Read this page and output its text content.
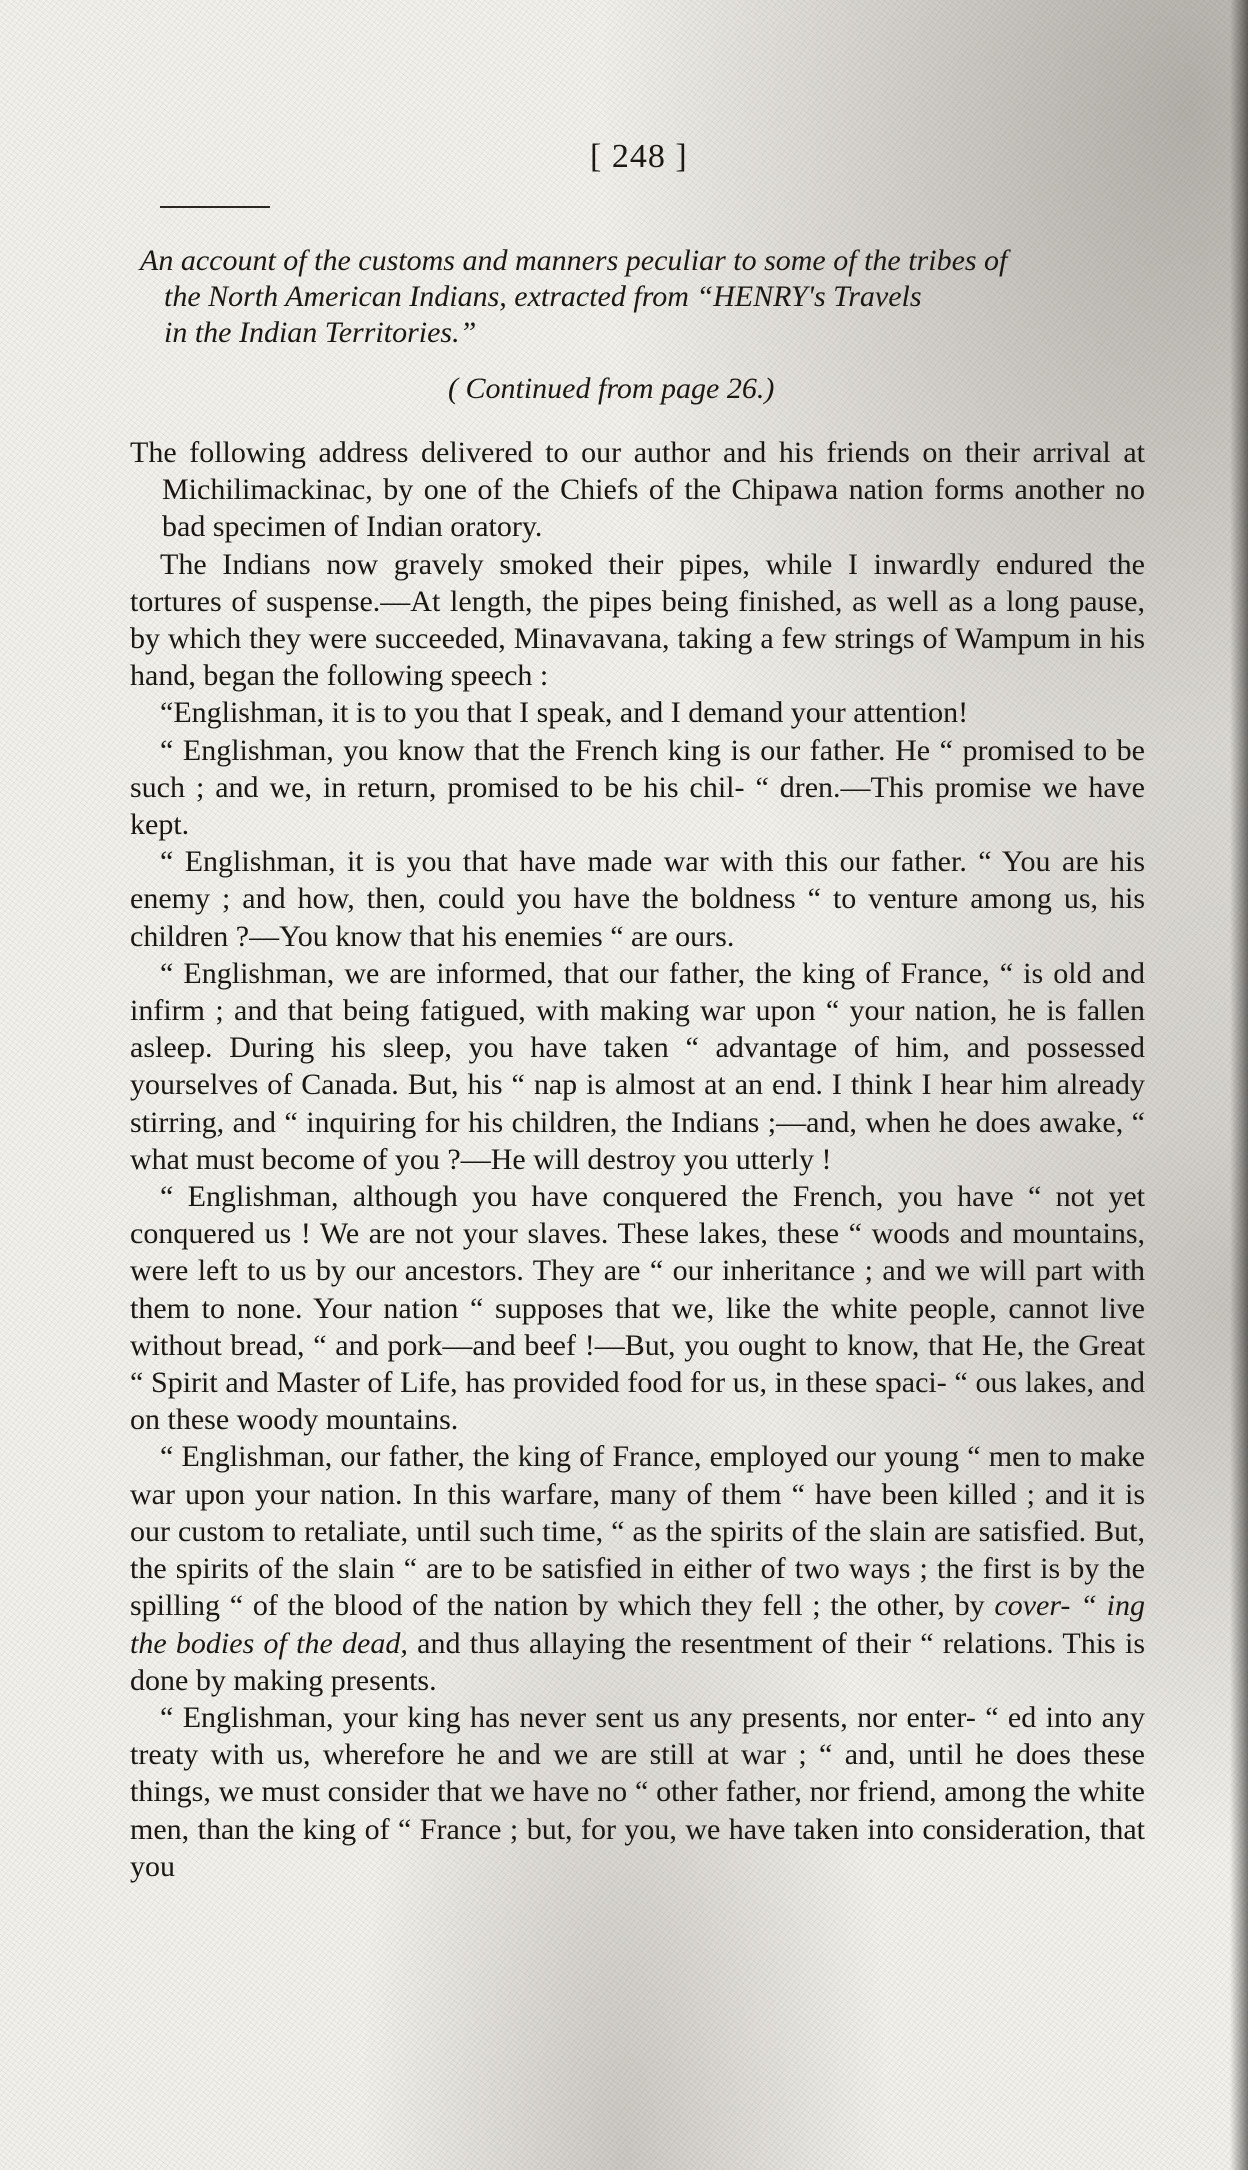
[ 248 ]
An account of the customs and manners peculiar to some of the tribes of
the North American Indians, extracted from “HENRY's Travels
in the Indian Territories.”
( Continued from page 26.)

The following address delivered to our author and his friends on their arrival at Michilimackinac, by one of the Chiefs of the Chipawa nation forms another no bad specimen of Indian oratory.

The Indians now gravely smoked their pipes, while I inwardly endured the tortures of suspense.—At length, the pipes being finished, as well as a long pause, by which they were succeeded, Minavavana, taking a few strings of Wampum in his hand, began the following speech :

“Englishman, it is to you that I speak, and I demand your attention!

“ Englishman, you know that the French king is our father. He “ promised to be such ; and we, in return, promised to be his chil- “ dren.—This promise we have kept.

“ Englishman, it is you that have made war with this our father. “ You are his enemy ; and how, then, could you have the boldness “ to venture among us, his children ?—You know that his enemies “ are ours.

“ Englishman, we are informed, that our father, the king of France, “ is old and infirm ; and that being fatigued, with making war upon “ your nation, he is fallen asleep. During his sleep, you have taken “ advantage of him, and possessed yourselves of Canada. But, his “ nap is almost at an end. I think I hear him already stirring, and “ inquiring for his children, the Indians ;—and, when he does awake, “ what must become of you ?—He will destroy you utterly !

“ Englishman, although you have conquered the French, you have “ not yet conquered us ! We are not your slaves. These lakes, these “ woods and mountains, were left to us by our ancestors. They are “ our inheritance ; and we will part with them to none. Your nation “ supposes that we, like the white people, cannot live without bread, “ and pork—and beef !—But, you ought to know, that He, the Great “ Spirit and Master of Life, has provided food for us, in these spaci- “ ous lakes, and on these woody mountains.

“ Englishman, our father, the king of France, employed our young “ men to make war upon your nation. In this warfare, many of them “ have been killed ; and it is our custom to retaliate, until such time, “ as the spirits of the slain are satisfied. But, the spirits of the slain “ are to be satisfied in either of two ways ; the first is by the spilling “ of the blood of the nation by which they fell ; the other, by cover- “ ing the bodies of the dead, and thus allaying the resentment of their “ relations. This is done by making presents.

“ Englishman, your king has never sent us any presents, nor enter- “ ed into any treaty with us, wherefore he and we are still at war ; “ and, until he does these things, we must consider that we have no “ other father, nor friend, among the white men, than the king of “ France ; but, for you, we have taken into consideration, that you
